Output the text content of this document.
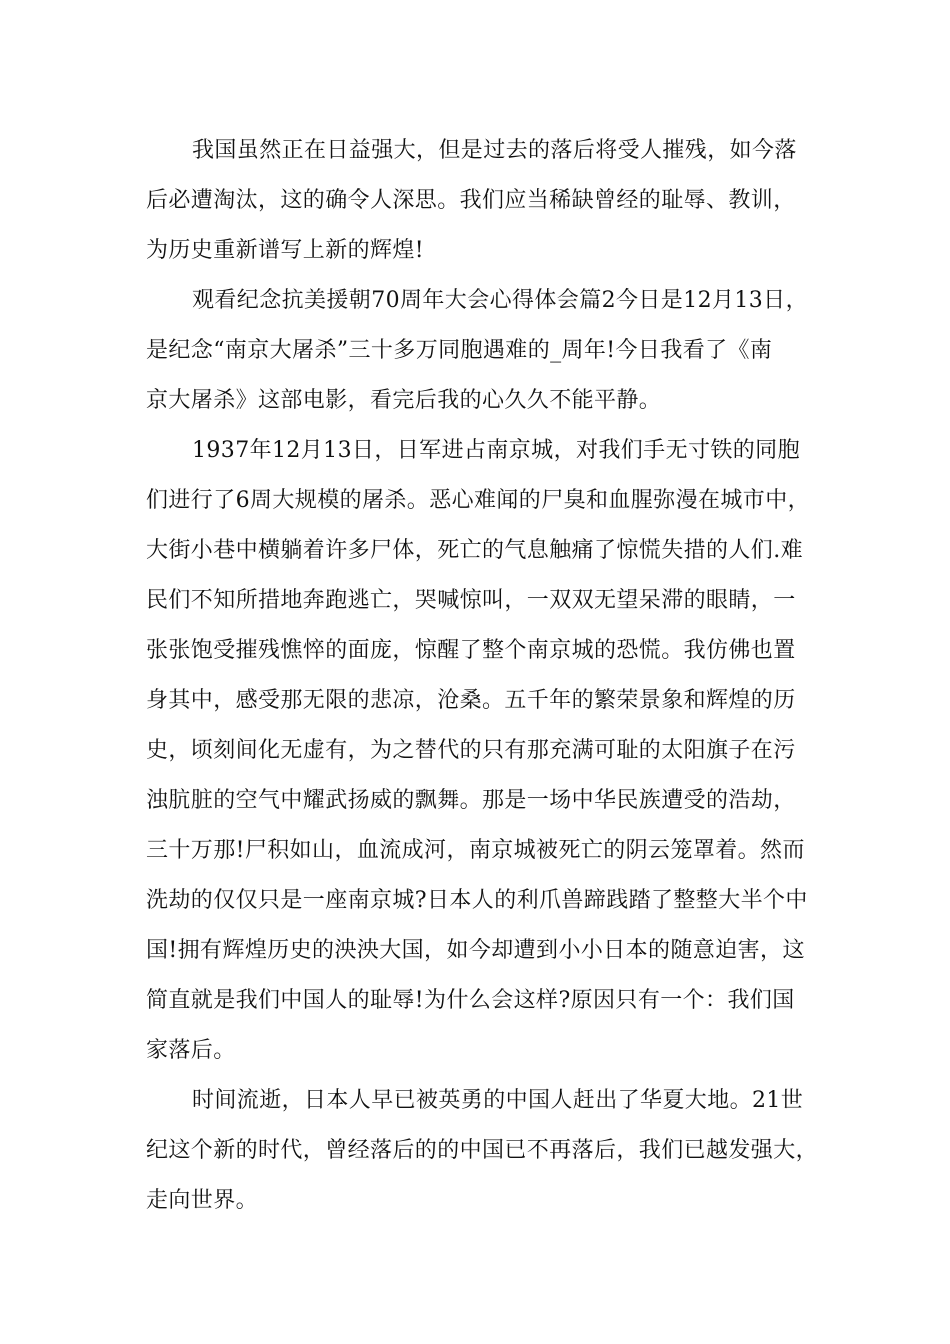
我国虽然正在日益强大，但是过去的落后将受人摧残，如今落
后必遭淘汰，这的确令人深思。我们应当稀缺曾经的耻辱、教训，
为历史重新谱写上新的辉煌!
观看纪念抗美援朝70周年大会心得体会篇2今日是12月13日，
是纪念“南京大屠杀”三十多万同胞遇难的_周年!今日我看了《南
京大屠杀》这部电影，看完后我的心久久不能平静。
1937年12月13日，日军进占南京城，对我们手无寸铁的同胞
们进行了6周大规模的屠杀。恶心难闻的尸臭和血腥弥漫在城市中，
大街小巷中横躺着许多尸体，死亡的气息触痛了惊慌失措的人们.难
民们不知所措地奔跑逃亡，哭喊惊叫，一双双无望呆滞的眼睛，一
张张饱受摧残憔悴的面庞，惊醒了整个南京城的恐慌。我仿佛也置
身其中，感受那无限的悲凉，沧桑。五千年的繁荣景象和辉煌的历
史，顷刻间化无虚有，为之替代的只有那充满可耻的太阳旗子在污
浊肮脏的空气中耀武扬威的飘舞。那是一场中华民族遭受的浩劫，
三十万那!尸积如山，血流成河，南京城被死亡的阴云笼罩着。然而
洗劫的仅仅只是一座南京城?日本人的利爪兽蹄践踏了整整大半个中
国!拥有辉煌历史的泱泱大国，如今却遭到小小日本的随意迫害，这
简直就是我们中国人的耻辱!为什么会这样?原因只有一个：我们国
家落后。
时间流逝，日本人早已被英勇的中国人赶出了华夏大地。21世
纪这个新的时代，曾经落后的的中国已不再落后，我们已越发强大，
走向世界。
